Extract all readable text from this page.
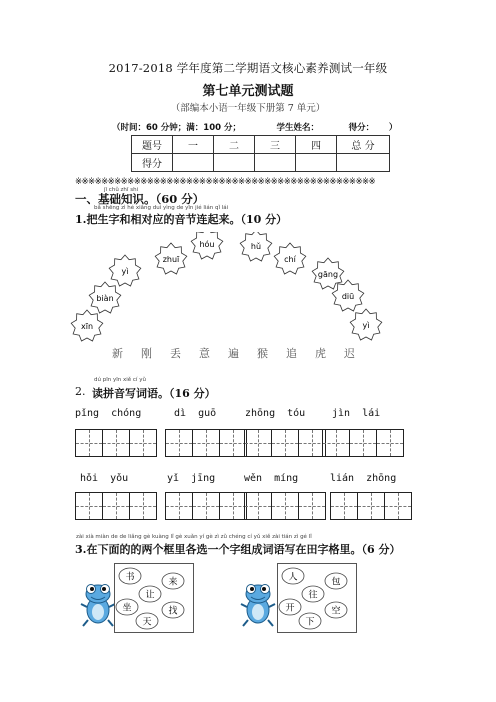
2017-2018 学年度第二学期语文核心素养测试一年级
第七单元测试题
（部编本小语一年级下册第 7 单元）
（时间：60 分钟；满：100 分；            学生姓名：          得分：     ）
题号	一	二	三	四	总 分
得分					
※※※※※※※※※※※※※※※※※※※※※※※※※※※※※※※※※※※※※※※※※※※※※※
jī chǔ zhī shi
一、基础知识。（60 分）
bǎ shēng zì hé xiāng duì yìng de yīn jié lián qǐ lái
1.把生字和相对应的音节连起来。（10 分）
xīn
biàn
yì
zhuī
hóu	hǔ
chí
gāng
diū
yì
新 刚 丢 意 遍 猴 追 虎 迟
dú pīn yīn xiě cí yǔ
2. 读拼音写词语。（16 分）
pǐng  chóng	dì  guō	zhōng  tóu	jìn  lái
hǒi  yǒu	yǐ  jīng	wěn  míng	lián  zhōng
zài xià miàn de de liǎng gè kuàng lǐ gè xuǎn yí gè zì zǔ chéng cí yǔ xiě zài tián zì gé lǐ
3.在下面的的两个框里各选一个字组成词语写在田字格里。（6 分）
书	来
让
坐	找
天
人	包
往
开	空
下
